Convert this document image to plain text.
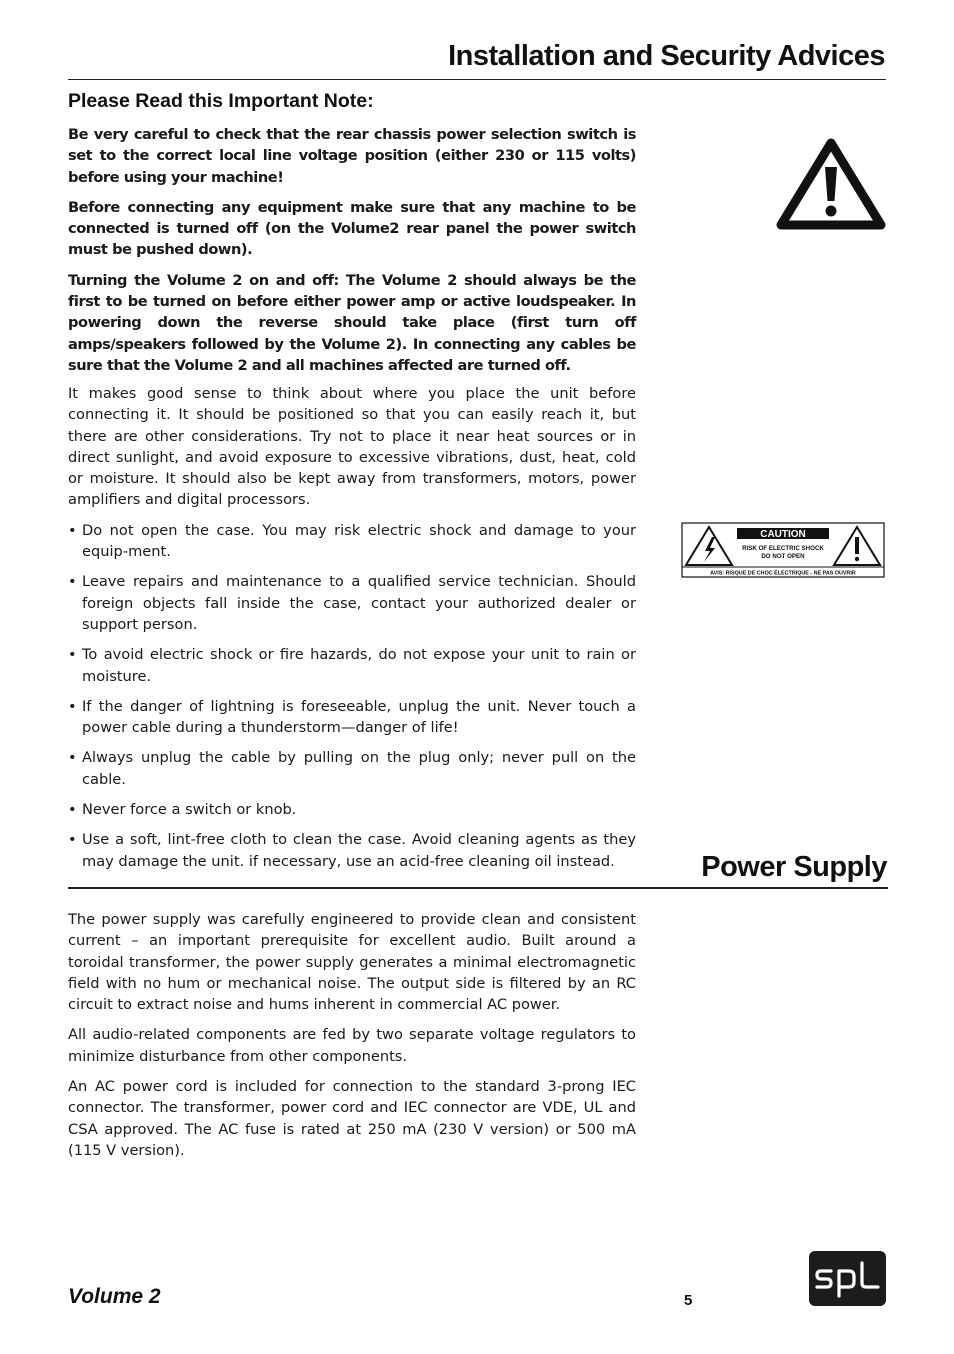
Installation and Security Advices
Please Read this Important Note:

Be very careful to check that the rear chassis power selection switch is set to the correct local line voltage position (either 230 or 115 volts) before using your machine!

Before connecting any equipment make sure that any machine to be connected is turned off (on the Volume2 rear panel the power switch must be pushed down).

Turning the Volume 2 on and off: The Volume 2 should always be the first to be turned on before either power amp or active loudspeaker. In powering down the reverse should take place (first turn off amps/speakers followed by the Volume 2). In connecting any cables be sure that the Volume 2 and all machines affected are turned off.

It makes good sense to think about where you place the unit before connecting it. It should be positioned so that you can easily reach it, but there are other considerations. Try not to place it near heat sources or in direct sunlight, and avoid exposure to excessive vibrations, dust, heat, cold or moisture. It should also be kept away from transformers, motors, power amplifiers and digital processors.

• Do not open the case. You may risk electric shock and damage to your equip-ment.
• Leave repairs and maintenance to a qualified service technician. Should foreign objects fall inside the case, contact your authorized dealer or support person.
• To avoid electric shock or fire hazards, do not expose your unit to rain or moisture.
• If the danger of lightning is foreseeable, unplug the unit. Never touch a power cable during a thunderstorm—danger of life!
• Always unplug the cable by pulling on the plug only; never pull on the cable.
• Never force a switch or knob.
• Use a soft, lint-free cloth to clean the case. Avoid cleaning agents as they may damage the unit. if necessary, use an acid-free cleaning oil instead.
CAUTION
RISK OF ELECTRIC SHOCK
DO NOT OPEN
AVIS: RISQUE DE CHOC ÉLECTRIQUE - NE PAS OUVRIR
Power Supply

The power supply was carefully engineered to provide clean and consistent current – an important prerequisite for excellent audio. Built around a toroidal transformer, the power supply generates a minimal electromagnetic field with no hum or mechanical noise. The output side is filtered by an RC circuit to extract noise and hums inherent in commercial AC power.

All audio-related components are fed by two separate voltage regulators to minimize disturbance from other components.

An AC power cord is included for connection to the standard 3-prong IEC connector. The transformer, power cord and IEC connector are VDE, UL and CSA approved. The AC fuse is rated at 250 mA (230 V version) or 500 mA (115 V version).

Volume 2	5
